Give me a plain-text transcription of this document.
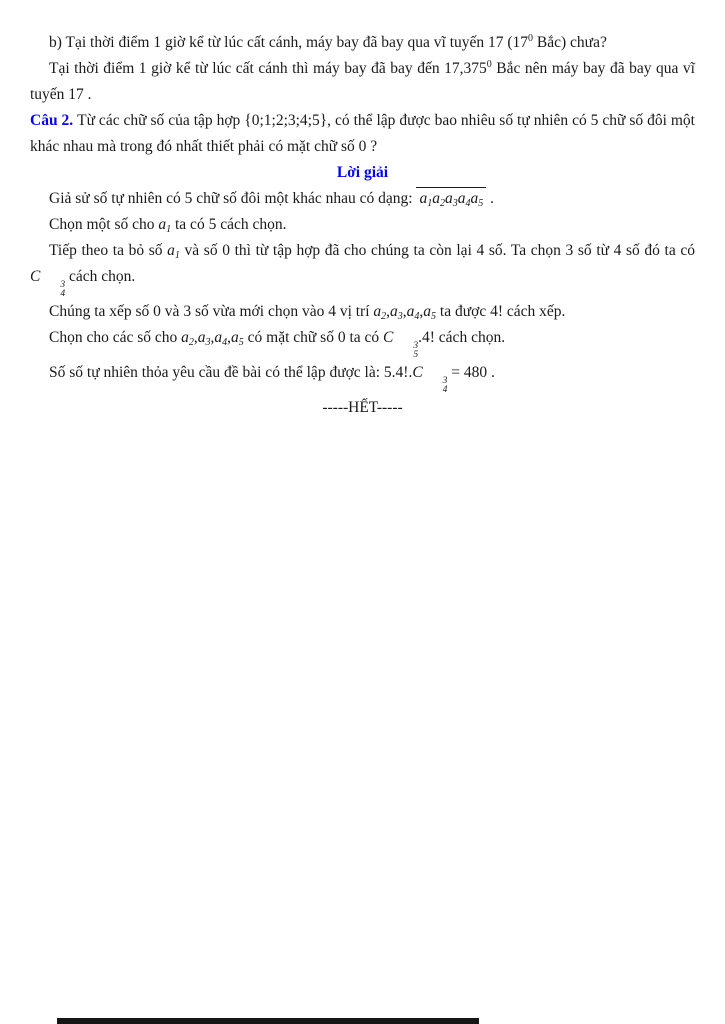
b) Tại thời điểm 1 giờ kể từ lúc cất cánh, máy bay đã bay qua vĩ tuyến 17 ($17^0$ Bắc) chưa?

Tại thời điểm 1 giờ kể từ lúc cất cánh thì máy bay đã bay đến 17,375$^0$ Bắc nên máy bay đã bay qua vĩ tuyến 17 .

Câu 2. Từ các chữ số của tập hợp {0;1;2;3;4;5}, có thể lập được bao nhiêu số tự nhiên có 5 chữ số đôi một khác nhau mà trong đó nhất thiết phải có mặt chữ số 0 ?

Lời giải

Giả sử số tự nhiên có 5 chữ số đôi một khác nhau có dạng: $a_1a_2a_3a_4a_5$ .

Chọn một số cho $a_1$ ta có 5 cách chọn.

Tiếp theo ta bỏ số $a_1$ và số 0 thì từ tập hợp đã cho chúng ta còn lại 4 số. Ta chọn 3 số từ 4 số đó ta có C	3
4
cách chọn.

Chúng ta xếp số 0 và 3 số vừa mới chọn vào 4 vị trí $a_2,a_3,a_4,a_5$ ta được 4! cách xếp.

Chọn cho các số cho $a_2,a_3,a_4,a_5$ có mặt chữ số 0 ta có C	3
5
.4! cách chọn.

Số số tự nhiên thỏa yêu cầu đề bài có thể lập được là: 5.4!.C	3
4
= 480 .

-----HẾT-----
